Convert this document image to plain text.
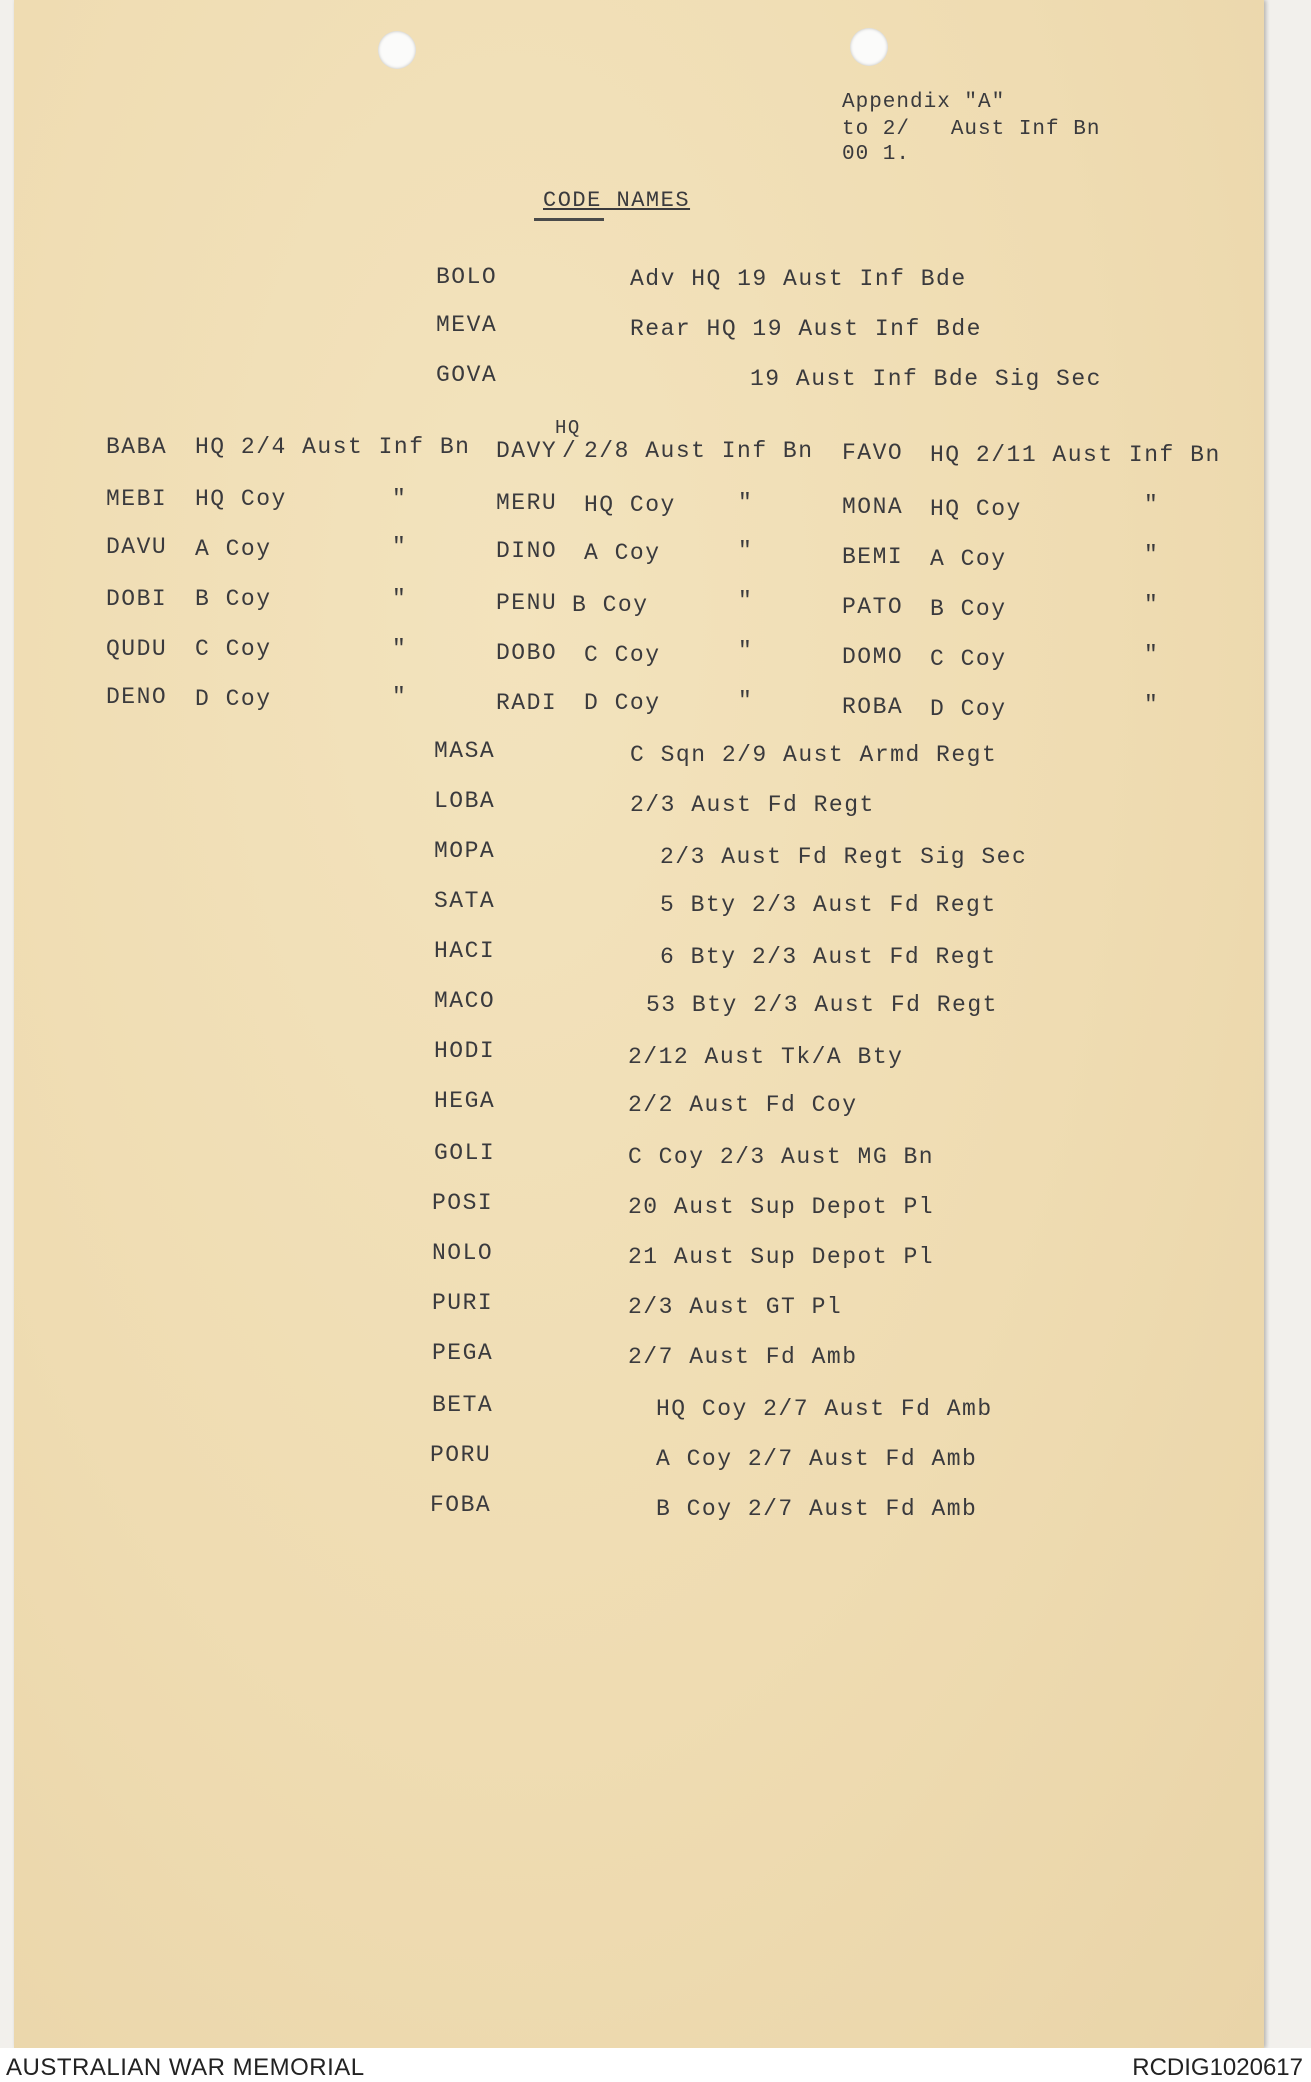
Appendix "A"
to 2/   Aust Inf Bn
00 1.
CODE NAMES
BOLO	Adv HQ 19 Aust Inf Bde
MEVA	Rear HQ 19 Aust Inf Bde
GOVA	19 Aust Inf Bde Sig Sec
BABA HQ 2/4 Aust Inf Bn
MEBI HQ Coy	"
DAVU A Coy	"
DOBI B Coy	"
QUDU C Coy	"
DENO D Coy	"
HQ
DAVY / 2/8 Aust Inf Bn
MERU HQ Coy	"
DINO A Coy	"
PENU B Coy	"
DOBO C Coy	"
RADI D Coy	"
FAVO HQ 2/11 Aust Inf Bn
MONA HQ Coy	"
BEMI A Coy	"
PATO B Coy	"
DOMO C Coy	"
ROBA D Coy	"
MASA	C Sqn 2/9 Aust Armd Regt
LOBA	2/3 Aust Fd Regt
MOPA	2/3 Aust Fd Regt Sig Sec
SATA	5 Bty 2/3 Aust Fd Regt
HACI	6 Bty 2/3 Aust Fd Regt
MACO	53 Bty 2/3 Aust Fd Regt
HODI	2/12 Aust Tk/A Bty
HEGA	2/2 Aust Fd Coy
GOLI	C Coy 2/3 Aust MG Bn
POSI	20 Aust Sup Depot Pl
NOLO	21 Aust Sup Depot Pl
PURI	2/3 Aust GT Pl
PEGA	2/7 Aust Fd Amb
BETA	HQ Coy 2/7 Aust Fd Amb
PORU	A Coy 2/7 Aust Fd Amb
FOBA	B Coy 2/7 Aust Fd Amb
AUSTRALIAN WAR MEMORIAL	RCDIG1020617
